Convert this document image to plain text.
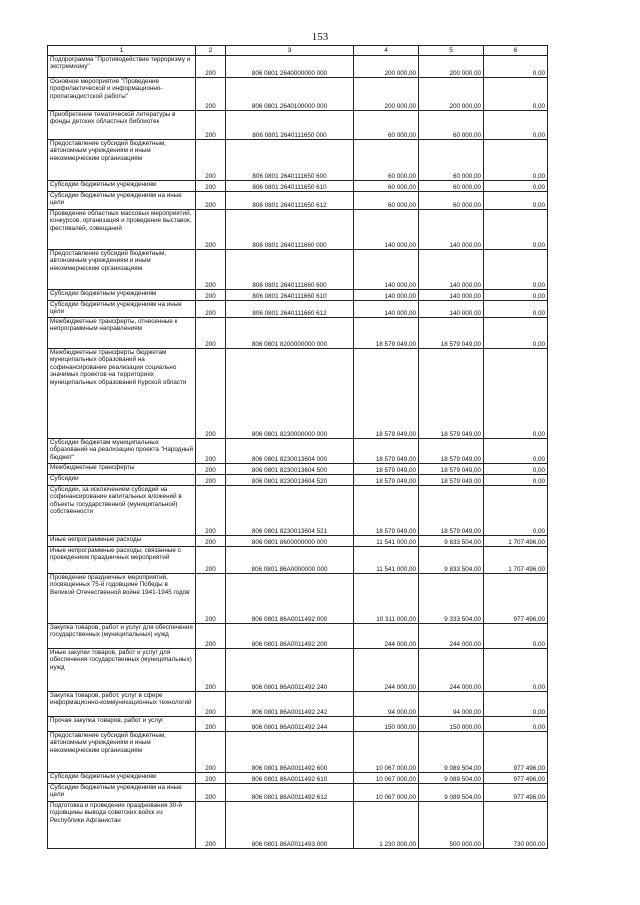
153
1	2	3	4	5	6
Подпрограмма "Противодействие терроризму и экстремизму"	200	806 0801 2640000000 000	200 000,00	200 000,00	0,00
Основное мероприятие "Проведение профилактической и информационно-пропагандистской работы"	200	806 0801 2640100000 000	200 000,00	200 000,00	0,00
Приобретение тематической литературы в фонды детских областных библиотек	200	806 0801 2640111650 000	60 000,00	60 000,00	0,00
Предоставление субсидий бюджетным, автономным учреждениям и иным некоммерческим организациям	200	806 0801 2640111650 600	60 000,00	60 000,00	0,00
Субсидии бюджетным учреждениям	200	806 0801 2640111650 610	60 000,00	60 000,00	0,00
Субсидии бюджетным учреждениям на иные цели	200	806 0801 2640111650 612	60 000,00	60 000,00	0,00
Проведение областных массовых мероприятий, конкурсов, организация и проведение выставок, фестивалей, совещаний	200	806 0801 2640111660 000	140 000,00	140 000,00	0,00
Предоставление субсидий бюджетным, автономным учреждениям и иным некоммерческим организациям	200	806 0801 2640111660 600	140 000,00	140 000,00	0,00
Субсидии бюджетным учреждениям	200	806 0801 2640111660 610	140 000,00	140 000,00	0,00
Субсидии бюджетным учреждениям на иные цели	200	806 0801 2640111660 612	140 000,00	140 000,00	0,00
Межбюджетные трансферты, отнесенные к непрограммным направлениям	200	806 0801 8200000000 000	18 579 049,00	18 579 049,00	0,00
Межбюджетные трансферты бюджетам муниципальных образований на софинансирование реализации социально значимых проектов на территориях муниципальных образований Курской области	200	806 0801 8230000000 000	18 579 049,00	18 579 049,00	0,00
Субсидии бюджетам муниципальных образований на реализацию проекта "Народный бюджет"	200	806 0801 8230013604 000	18 579 049,00	18 579 049,00	0,00
Межбюджетные трансферты	200	806 0801 8230013604 500	18 579 049,00	18 579 049,00	0,00
Субсидии	200	806 0801 8230013604 520	18 579 049,00	18 579 049,00	0,00
Субсидии, за исключением субсидий на софинансирование капитальных вложений в объекты государственной (муниципальной) собственности	200	806 0801 8230013604 521	18 579 049,00	18 579 049,00	0,00
Иные непрограммные расходы	200	806 0801 8600000000 000	11 541 000,00	9 833 504,00	1 707 496,00
Иные непрограммные расходы, связанные с проведением праздничных мероприятий	200	806 0801 86А0000000 000	11 541 000,00	9 833 504,00	1 707 496,00
Проведение праздничных мероприятий, посвященных 75-й годовщине Победы в Великой Отечественной войне 1941-1945 годов	200	806 0801 86А0011492 000	10 311 000,00	9 333 504,00	977 496,00
Закупка товаров, работ и услуг для обеспечения государственных (муниципальных) нужд	200	806 0801 86А0011492 200	244 000,00	244 000,00	0,00
Иные закупки товаров, работ и услуг для обеспечения государственных (муниципальных) нужд	200	806 0801 86А0011492 240	244 000,00	244 000,00	0,00
Закупка товаров, работ, услуг в сфере информационно-коммуникационных технологий	200	806 0801 86А0011492 242	94 000,00	94 000,00	0,00
Прочая закупка товаров, работ и услуг	200	806 0801 86А0011492 244	150 000,00	150 000,00	0,00
Предоставление субсидий бюджетным, автономным учреждениям и иным некоммерческим организациям	200	806 0801 86А0011492 600	10 067 000,00	9 089 504,00	977 496,00
Субсидии бюджетным учреждениям	200	806 0801 86А0011492 610	10 067 000,00	9 089 504,00	977 496,00
Субсидии бюджетным учреждениям на иные цели	200	806 0801 86А0011492 612	10 067 000,00	9 089 504,00	977 496,00
Подготовка и проведение празднования 30-й годовщины вывода советских войск из Республики Афганистан	200	806 0801 86А0011493 000	1 230 000,00	500 000,00	730 000,00
